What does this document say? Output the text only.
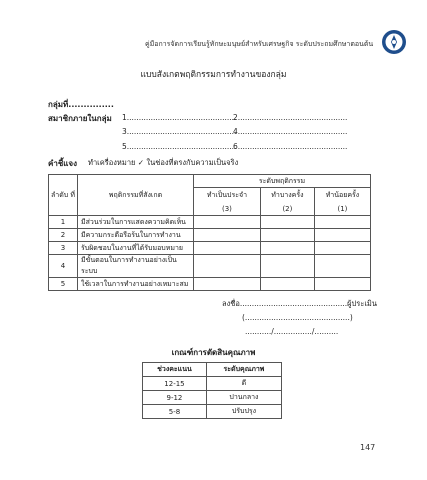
คู่มือการจัดการเรียนรู้ทักษะมนุษย์สำหรับเศรษฐกิจ ระดับประถมศึกษาตอนต้น
แบบสังเกตพฤติกรรมการทำงานของกลุ่ม
กลุ่มที่...............
สมาชิกภายในกลุ่ม 1..............................................
2..............................................
3..............................................
4..............................................
5..............................................
6..............................................
คำชี้แจง ทำเครื่องหมาย ✓ ในช่องที่ตรงกับความเป็นจริง
ลำดับ ที่	พฤติกรรมที่สังเกต	ระดับพฤติกรรม		
		ทำเป็นประจำ	ทำบางครั้ง	ทำน้อยครั้ง
		(3)	(2)	(1)
1	มีส่วนร่วมในการแสดงความคิดเห็น			
2	มีความกระตือรือร้นในการทำงาน			
3	รับผิดชอบในงานที่ได้รับมอบหมาย			
4	มีขั้นตอนในการทำงานอย่างเป็นระบบ			
5	ใช้เวลาในการทำงานอย่างเหมาะสม			
ลงชื่อ.............................................ผู้ประเมิน
(............................................)
.........../................/..........
เกณฑ์การตัดสินคุณภาพ
ช่วงคะแนน	ระดับคุณภาพ
12-15	ดี
9-12	ปานกลาง
5-8	ปรับปรุง
147
